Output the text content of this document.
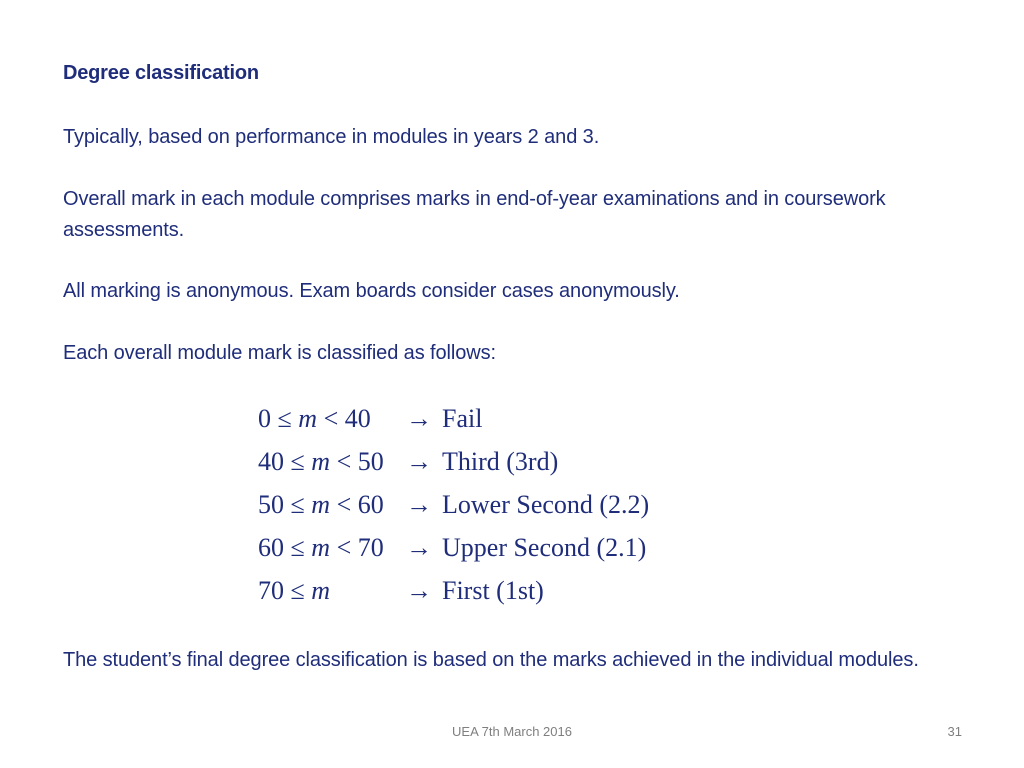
Degree classification
Typically, based on performance in modules in years 2 and 3.
Overall mark in each module comprises marks in end-of-year examinations and in coursework assessments.
All marking is anonymous. Exam boards consider cases anonymously.
Each overall module mark is classified as follows:
0 ≤ m < 40 → Fail
40 ≤ m < 50 → Third (3rd)
50 ≤ m < 60 → Lower Second (2.2)
60 ≤ m < 70 → Upper Second (2.1)
70 ≤ m	→ First (1st)
The student’s final degree classification is based on the marks achieved in the individual modules.
UEA 7th March 2016	31
